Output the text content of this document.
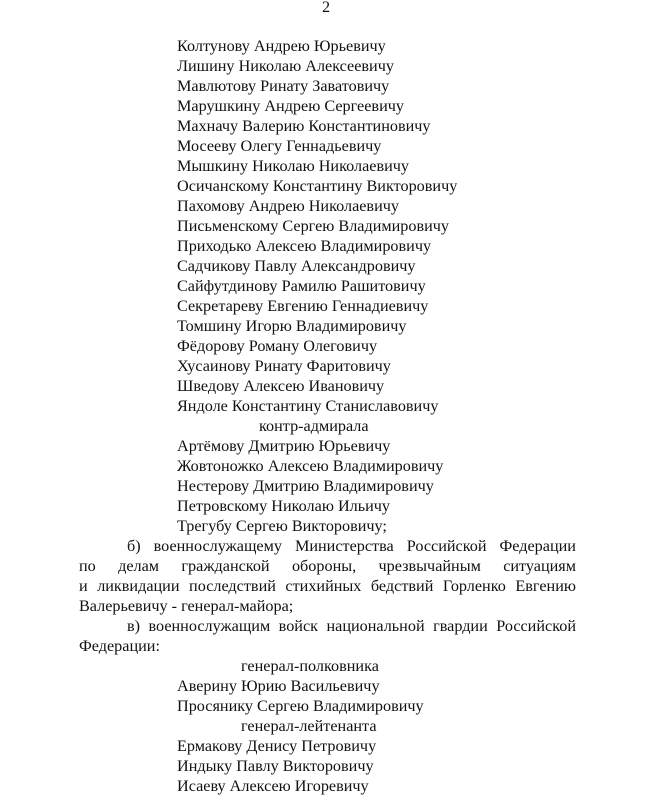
2
Колтунову Андрею Юрьевичу
Лишину Николаю Алексеевичу
Мавлютову Ринату Заватовичу
Марушкину Андрею Сергеевичу
Махначу Валерию Константиновичу
Мосееву Олегу Геннадьевичу
Мышкину Николаю Николаевичу
Осичанскому Константину Викторовичу
Пахомову Андрею Николаевичу
Письменскому Сергею Владимировичу
Приходько Алексею Владимировичу
Садчикову Павлу Александровичу
Сайфутдинову Рамилю Рашитовичу
Секретареву Евгению Геннадиевичу
Томшину Игорю Владимировичу
Фёдорову Роману Олеговичу
Хусаинову Ринату Фаритовичу
Шведову Алексею Ивановичу
Яндоле Константину Станиславовичу
контр-адмирала
Артёмову Дмитрию Юрьевичу
Жовтоножко Алексею Владимировичу
Нестерову Дмитрию Владимировичу
Петровскому Николаю Ильичу
Трегубу Сергею Викторовичу;
б) военнослужащему Министерства Российской Федерации
по делам гражданской обороны, чрезвычайным ситуациям
и ликвидации последствий стихийных бедствий Горленко Евгению
Валерьевичу - генерал-майора;
в) военнослужащим войск национальной гвардии Российской
Федерации:
генерал-полковника
Аверину Юрию Васильевичу
Просянику Сергею Владимировичу
генерал-лейтенанта
Ермакову Денису Петровичу
Индыку Павлу Викторовичу
Исаеву Алексею Игоревичу
